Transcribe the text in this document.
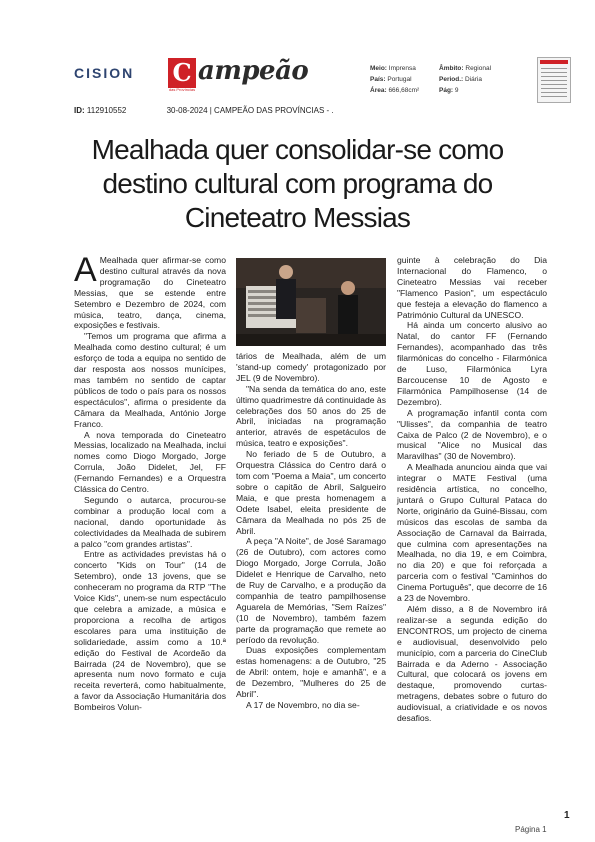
CISION C ampeão
das Províncias
Meio: Imprensa
País: Portugal
Área: 666,68cm²
Âmbito: Regional
Period.: Diária
Pág: 9
ID: 112910552	30-08-2024 | CAMPEÃO DAS PROVÍNCIAS - .
Mealhada quer consolidar-se como destino cultural com programa do Cineteatro Messias

A Mealhada quer afirmar-se como destino cultural através da nova programação do Cineteatro Messias, que se estende entre Setembro e Dezembro de 2024, com música, teatro, dança, cinema, exposições e festivais.

"Temos um programa que afirma a Mealhada como destino cultural; é um esforço de toda a equipa no sentido de dar resposta aos nossos munícipes, mas também no sentido de captar públicos de todo o país para os nossos espectáculos", afirma o presidente da Câmara da Mealhada, António Jorge Franco.

A nova temporada do Cineteatro Messias, localizado na Mealhada, inclui nomes como Diogo Morgado, Jorge Corrula, João Didelet, Jel, FF (Fernando Fernandes) e a Orquestra Clássica do Centro.

Segundo o autarca, procurou-se combinar a produção local com a nacional, dando oportunidade às colectividades da Mealhada de subirem a palco "com grandes artistas".

Entre as actividades previstas há o concerto "Kids on Tour" (14 de Setembro), onde 13 jovens, que se conheceram no programa da RTP "The Voice Kids", unem-se num espectáculo que celebra a amizade, a música e proporciona a recolha de artigos escolares para uma instituição de solidariedade, assim como a 10.ª edição do Festival de Acordeão da Bairrada (24 de Novembro), que se apresenta num novo formato e cuja receita reverterá, como habitualmente, a favor da Associação Humanitária dos Bombeiros Volun-

tários de Mealhada, além de um 'stand-up comedy' protagonizado por JEL (9 de Novembro).

"Na senda da temática do ano, este último quadrimestre dá continuidade às celebrações dos 50 anos do 25 de Abril, iniciadas na programação anterior, através de espetáculos de música, teatro e exposições".

No feriado de 5 de Outubro, a Orquestra Clássica do Centro dará o tom com "Poema a Maia", um concerto sobre o capitão de Abril, Salgueiro Maia, e que presta homenagem a Odete Isabel, eleita presidente de Câmara da Mealhada no pós 25 de Abril.

A peça "A Noite", de José Saramago (26 de Outubro), com actores como Diogo Morgado, Jorge Corrula, João Didelet e Henrique de Carvalho, neto de Ruy de Carvalho, e a produção da companhia de teatro pampilhosense Aguarela de Memórias, "Sem Raízes" (10 de Novembro), também fazem parte da programação que remete ao período da revolução.

Duas exposições complementam estas homenagens: a de Outubro, "25 de Abril: ontem, hoje e amanhã", e a de Dezembro, "Mulheres do 25 de Abril".

A 17 de Novembro, no dia se-

guinte à celebração do Dia Internacional do Flamenco, o Cineteatro Messias vai receber "Flamenco Pasion", um espectáculo que festeja a elevação do flamenco a Património Cultural da UNESCO.

Há ainda um concerto alusivo ao Natal, do cantor FF (Fernando Fernandes), acompanhado das três filarmónicas do concelho - Filarmónica de Luso, Filarmónica Lyra Barcoucense 10 de Agosto e Filarmónica Pampilhosense (14 de Dezembro).

A programação infantil conta com "Ulisses", da companhia de teatro Caixa de Palco (2 de Novembro), e o musical "Alice no Musical das Maravilhas" (30 de Novembro).

A Mealhada anunciou ainda que vai integrar o MATE Festival (uma residência artística, no concelho, juntará o Grupo Cultural Pataca do Norte, originário da Guiné-Bissau, com músicos das escolas de samba da Associação de Carnaval da Bairrada, que culmina com apresentações na Mealhada, no dia 19, e em Coimbra, no dia 20) e que foi reforçada a parceria com o festival "Caminhos do Cinema Português", que decorre de 16 a 23 de Novembro.

Além disso, a 8 de Novembro irá realizar-se a segunda edição do ENCONTROS, um projecto de cinema e audiovisual, desenvolvido pelo município, com a parceria do CineClub Bairrada e da Aderno - Associação Cultural, que colocará os jovens em destaque, promovendo curtas-metragens, debates sobre o futuro do audiovisual, a criatividade e os novos desafios.

1
Página 1
